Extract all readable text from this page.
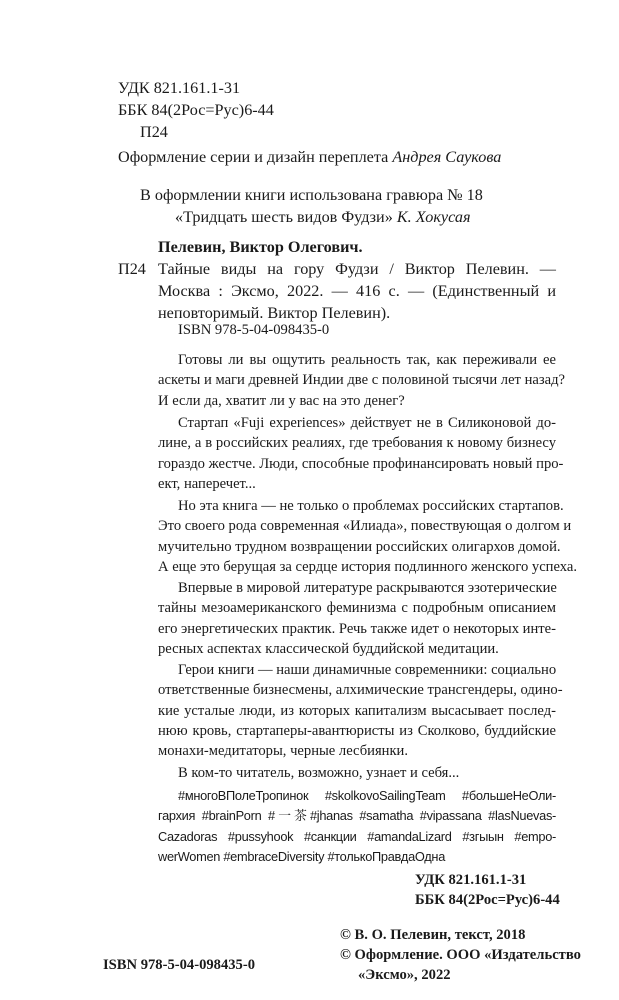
УДК 821.161.1-31
ББК 84(2Рос=Рус)6-44
П24
Оформление серии и дизайн переплета Андрея Саукова
В оформлении книги использована гравюра № 18
«Тридцать шесть видов Фудзи» К. Хокусая
Пелевин, Виктор Олегович.
П24 Тайные виды на гору Фудзи / Виктор Пелевин. —
Москва : Эксмо, 2022. — 416 с. — (Единственный и
неповторимый. Виктор Пелевин).
ISBN 978-5-04-098435-0
Готовы ли вы ощутить реальность так, как переживали ее
аскеты и маги древней Индии две с половиной тысячи лет назад?
И если да, хватит ли у вас на это денег?
Стартап «Fuji experiences» действует не в Силиконовой до-
лине, а в российских реалиях, где требования к новому бизнесу
гораздо жестче. Люди, способные профинансировать новый про-
ект, наперечет...
Но эта книга — не только о проблемах российских стартапов.
Это своего рода современная «Илиада», повествующая о долгом и
мучительно трудном возвращении российских олигархов домой.
А еще это берущая за сердце история подлинного женского успеха.
Впервые в мировой литературе раскрываются эзотерические
тайны мезоамериканского феминизма с подробным описанием
его энергетических практик. Речь также идет о некоторых инте-
ресных аспектах классической буддийской медитации.
Герои книги — наши динамичные современники: социально
ответственные бизнесмены, алхимические трансгендеры, одино-
кие усталые люди, из которых капитализм высасывает послед-
нюю кровь, стартаперы-авантюристы из Сколково, буддийские
монахи-медитаторы, черные лесбиянки.
В ком-то читатель, возможно, узнает и себя...
#многоВПолеТропинок #skolkovoSailingTeam #большеНеОли-
гархия #brainPorn #一茶#jhanas #samatha #vipassana #lasNuevas-
Cazadoras #pussyhook #санкции #amandaLizard #згыын #empo-
werWomen #embraceDiversity #толькоПравдаОдна
УДК 821.161.1-31
ББК 84(2Рос=Рус)6-44
© В. О. Пелевин, текст, 2018
© Оформление. ООО «Издательство
«Эксмо», 2022
ISBN 978-5-04-098435-0
